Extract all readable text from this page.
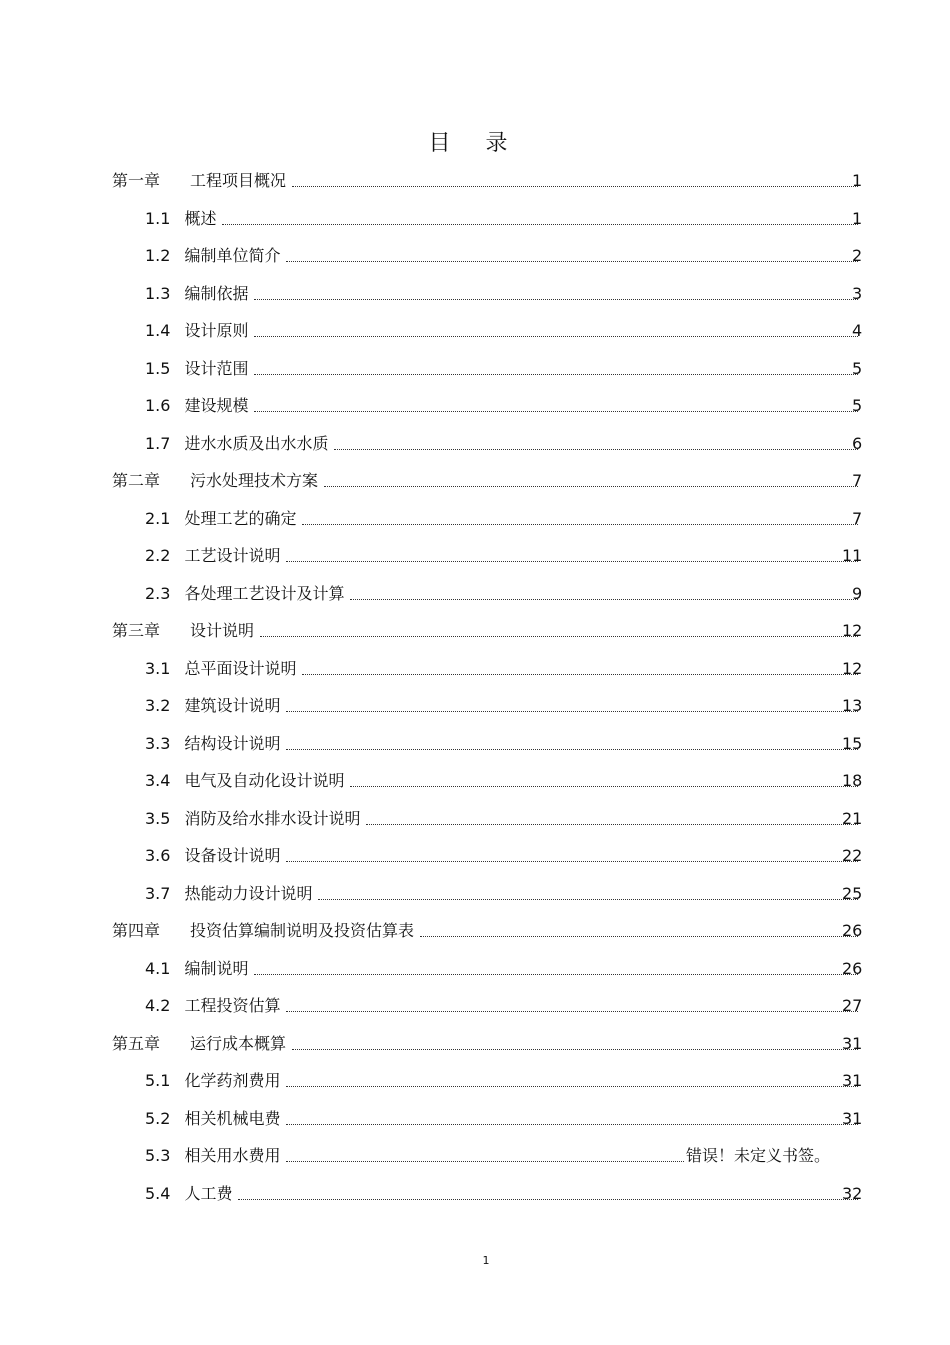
目 录
第一章 工程项目概况	1
1.1 概述	1
1.2 编制单位简介	2
1.3 编制依据	3
1.4 设计原则	4
1.5 设计范围	5
1.6 建设规模	5
1.7 进水水质及出水水质	6
第二章 污水处理技术方案	7
2.1 处理工艺的确定	7
2.2 工艺设计说明	11
2.3 各处理工艺设计及计算	9
第三章 设计说明	12
3.1 总平面设计说明	12
3.2 建筑设计说明	13
3.3 结构设计说明	15
3.4 电气及自动化设计说明	18
3.5 消防及给水排水设计说明	21
3.6 设备设计说明	22
3.7 热能动力设计说明	25
第四章 投资估算编制说明及投资估算表	26
4.1 编制说明	26
4.2 工程投资估算	27
第五章 运行成本概算	31
5.1 化学药剂费用	31
5.2 相关机械电费	31
5.3 相关用水费用	错误！未定义书签。
5.4 人工费	32
1
